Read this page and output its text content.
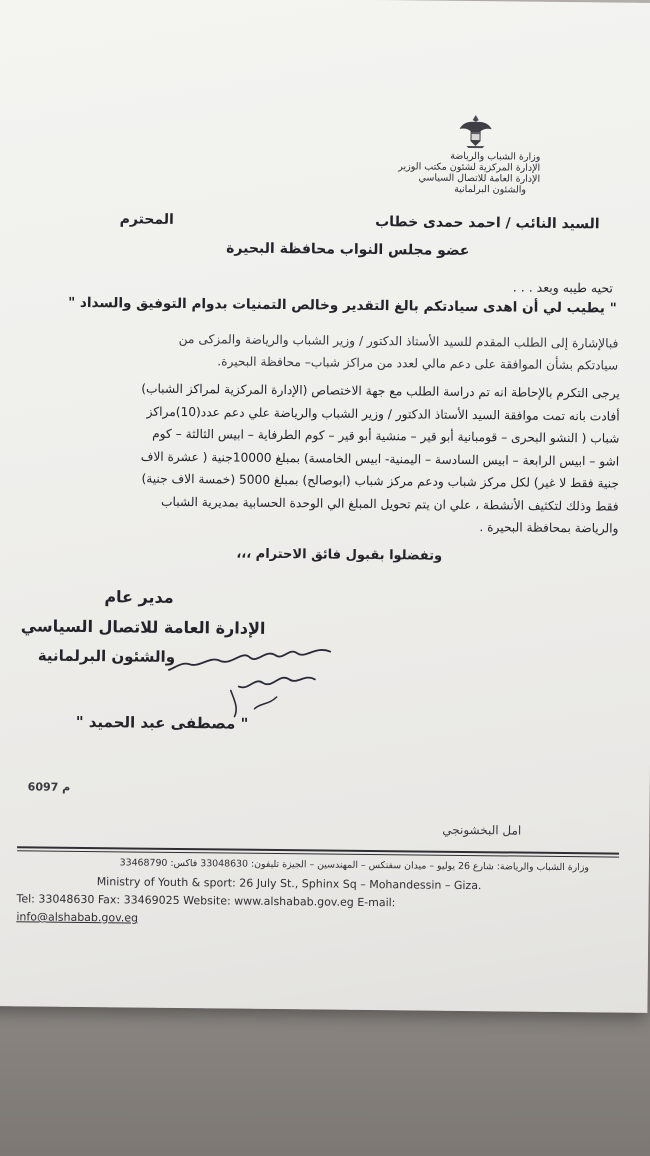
وزارة الشباب والرياضة
الإدارة المركزية لشئون مكتب الوزير
الإدارة العامة للاتصال السياسي
والشئون البرلمانية
السيد النائب / احمد حمدى خطاب
المحترم
عضو مجلس النواب محافظة البحيرة
تحيه طيبه وبعد . . .
" يطيب لي أن اهدى سيادتكم بالغ التقدير وخالص التمنيات بدوام التوفيق والسداد "
فبالإشارة إلى الطلب المقدم للسيد الأستاذ الدكتور / وزير الشباب والرياضة والمزكى من
سيادتكم بشأن الموافقة على دعم مالي لعدد من مراكز شباب– محافظة البحيرة.
يرجى التكرم بالإحاطة انه تم دراسة الطلب مع جهة الاختصاص (الإدارة المركزية لمراكز الشباب)
أفادت بانه تمت موافقة السيد الأستاذ الدكتور / وزير الشباب والرياضة علي دعم عدد(10)مراكز
شباب ( النشو البحرى – قومبانية أبو قير – منشية أبو قير – كوم الطرفاية – ابيس الثالثة – كوم
اشو – ابيس الرابعة – ابيس السادسة – اليمنية- ابيس الخامسة) بمبلغ 10000جنية ( عشرة الاف
جنية فقط لا غير) لكل مركز شباب ودعم مركز شباب (ابوصالح) بمبلغ 5000 (خمسة الاف جنية)
فقط وذلك لتكثيف الأنشطة ، علي ان يتم تحويل المبلغ الي الوحدة الحسابية بمديرية الشباب
والرياضة بمحافظة البحيرة .
وتفضلوا بقبول فائق الاحترام ،،،
مدير عام
الإدارة العامة للاتصال السياسي
والشئون البرلمانية
" مصطفى عبد الحميد "
6097 م
امل البخشونجي
وزارة الشباب والرياضة: شارع 26 يوليو – ميدان سفنكس – المهندسين – الجيزة تليفون: 33048630 فاكس: 33468790
Ministry of Youth & sport: 26 July St., Sphinx Sq – Mohandessin – Giza.
Tel: 33048630 Fax: 33469025 Website: www.alshabab.gov.eg E-mail:
info@alshabab.gov.eg
